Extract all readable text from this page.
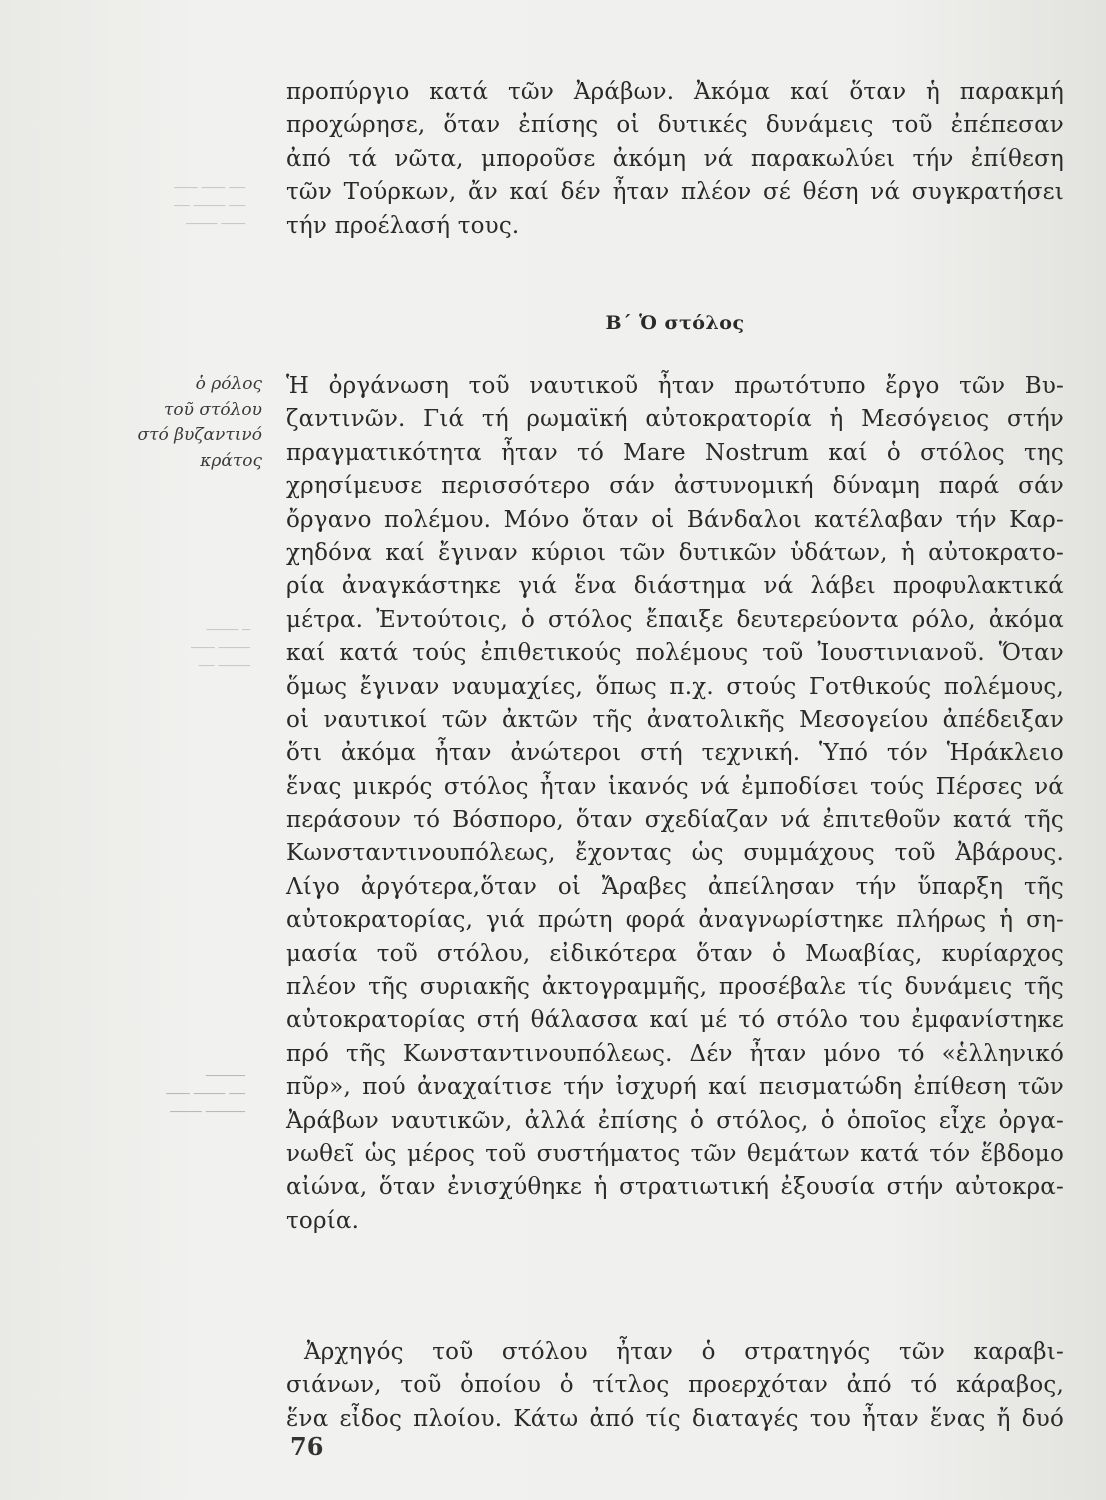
─── ─── ──
── ──── ──
──── ───
──── ─
─── ────
── ────
─────
─── ──── ──
──── ─────
προπύργιο κατά τῶν Ἀράβων. Ἀκόμα καί ὅταν ἡ παρακμή
προχώρησε, ὅταν ἐπίσης οἱ δυτικές δυνάμεις τοῦ ἐπέπεσαν
ἀπό τά νῶτα, μποροῦσε ἀκόμη νά παρακωλύει τήν ἐπίθεση
τῶν Τούρκων, ἄν καί δέν ἦταν πλέον σέ θέση νά συγκρατήσει
τήν προέλασή τους.
Β΄ Ὁ στόλος
ὁ ρόλος
τοῦ στόλου
στό βυζαντινό
κράτος
Ἡ ὀργάνωση τοῦ ναυτικοῦ ἦταν πρωτότυπο ἔργο τῶν Βυ-
ζαντινῶν. Γιά τή ρωμαϊκή αὐτοκρατορία ἡ Μεσόγειος στήν
πραγματικότητα ἦταν τό Mare Nostrum καί ὁ στόλος της
χρησίμευσε περισσότερο σάν ἀστυνομική δύναμη παρά σάν
ὄργανο πολέμου. Μόνο ὅταν οἱ Βάνδαλοι κατέλαβαν τήν Καρ-
χηδόνα καί ἔγιναν κύριοι τῶν δυτικῶν ὑδάτων, ἡ αὐτοκρατο-
ρία ἀναγκάστηκε γιά ἕνα διάστημα νά λάβει προφυλακτικά
μέτρα. Ἐντούτοις, ὁ στόλος ἔπαιξε δευτερεύοντα ρόλο, ἀκόμα
καί κατά τούς ἐπιθετικούς πολέμους τοῦ Ἰουστινιανοῦ. Ὅταν
ὅμως ἔγιναν ναυμαχίες, ὅπως π.χ. στούς Γοτθικούς πολέμους,
οἱ ναυτικοί τῶν ἀκτῶν τῆς ἀνατολικῆς Μεσογείου ἀπέδειξαν
ὅτι ἀκόμα ἦταν ἀνώτεροι στή τεχνική. Ὑπό τόν Ἡράκλειο
ἕνας μικρός στόλος ἦταν ἱκανός νά ἐμποδίσει τούς Πέρσες νά
περάσουν τό Βόσπορο, ὅταν σχεδίαζαν νά ἐπιτεθοῦν κατά τῆς
Κωνσταντινουπόλεως, ἔχοντας ὡς συμμάχους τοῦ Ἀβάρους.
Λίγο ἀργότερα,ὅταν οἱ Ἄραβες ἀπείλησαν τήν ὕπαρξη τῆς
αὐτοκρατορίας, γιά πρώτη φορά ἀναγνωρίστηκε πλήρως ἡ ση-
μασία τοῦ στόλου, εἰδικότερα ὅταν ὁ Μωαβίας, κυρίαρχος
πλέον τῆς συριακῆς ἀκτογραμμῆς, προσέβαλε τίς δυνάμεις τῆς
αὐτοκρατορίας στή θάλασσα καί μέ τό στόλο του ἐμφανίστηκε
πρό τῆς Κωνσταντινουπόλεως. Δέν ἦταν μόνο τό «ἑλληνικό
πῦρ», πού ἀναχαίτισε τήν ἰσχυρή καί πεισματώδη ἐπίθεση τῶν
Ἀράβων ναυτικῶν, ἀλλά ἐπίσης ὁ στόλος, ὁ ὁποῖος εἶχε ὀργα-
νωθεῖ ὡς μέρος τοῦ συστήματος τῶν θεμάτων κατά τόν ἕβδομο
αἰώνα, ὅταν ἐνισχύθηκε ἡ στρατιωτική ἐξουσία στήν αὐτοκρα-
τορία.
Ἀρχηγός τοῦ στόλου ἦταν ὁ στρατηγός τῶν καραβι-
σιάνων, τοῦ ὁποίου ὁ τίτλος προερχόταν ἀπό τό κάραβος,
ἕνα εἶδος πλοίου. Κάτω ἀπό τίς διαταγές του ἦταν ἕνας ἤ δυό
76
